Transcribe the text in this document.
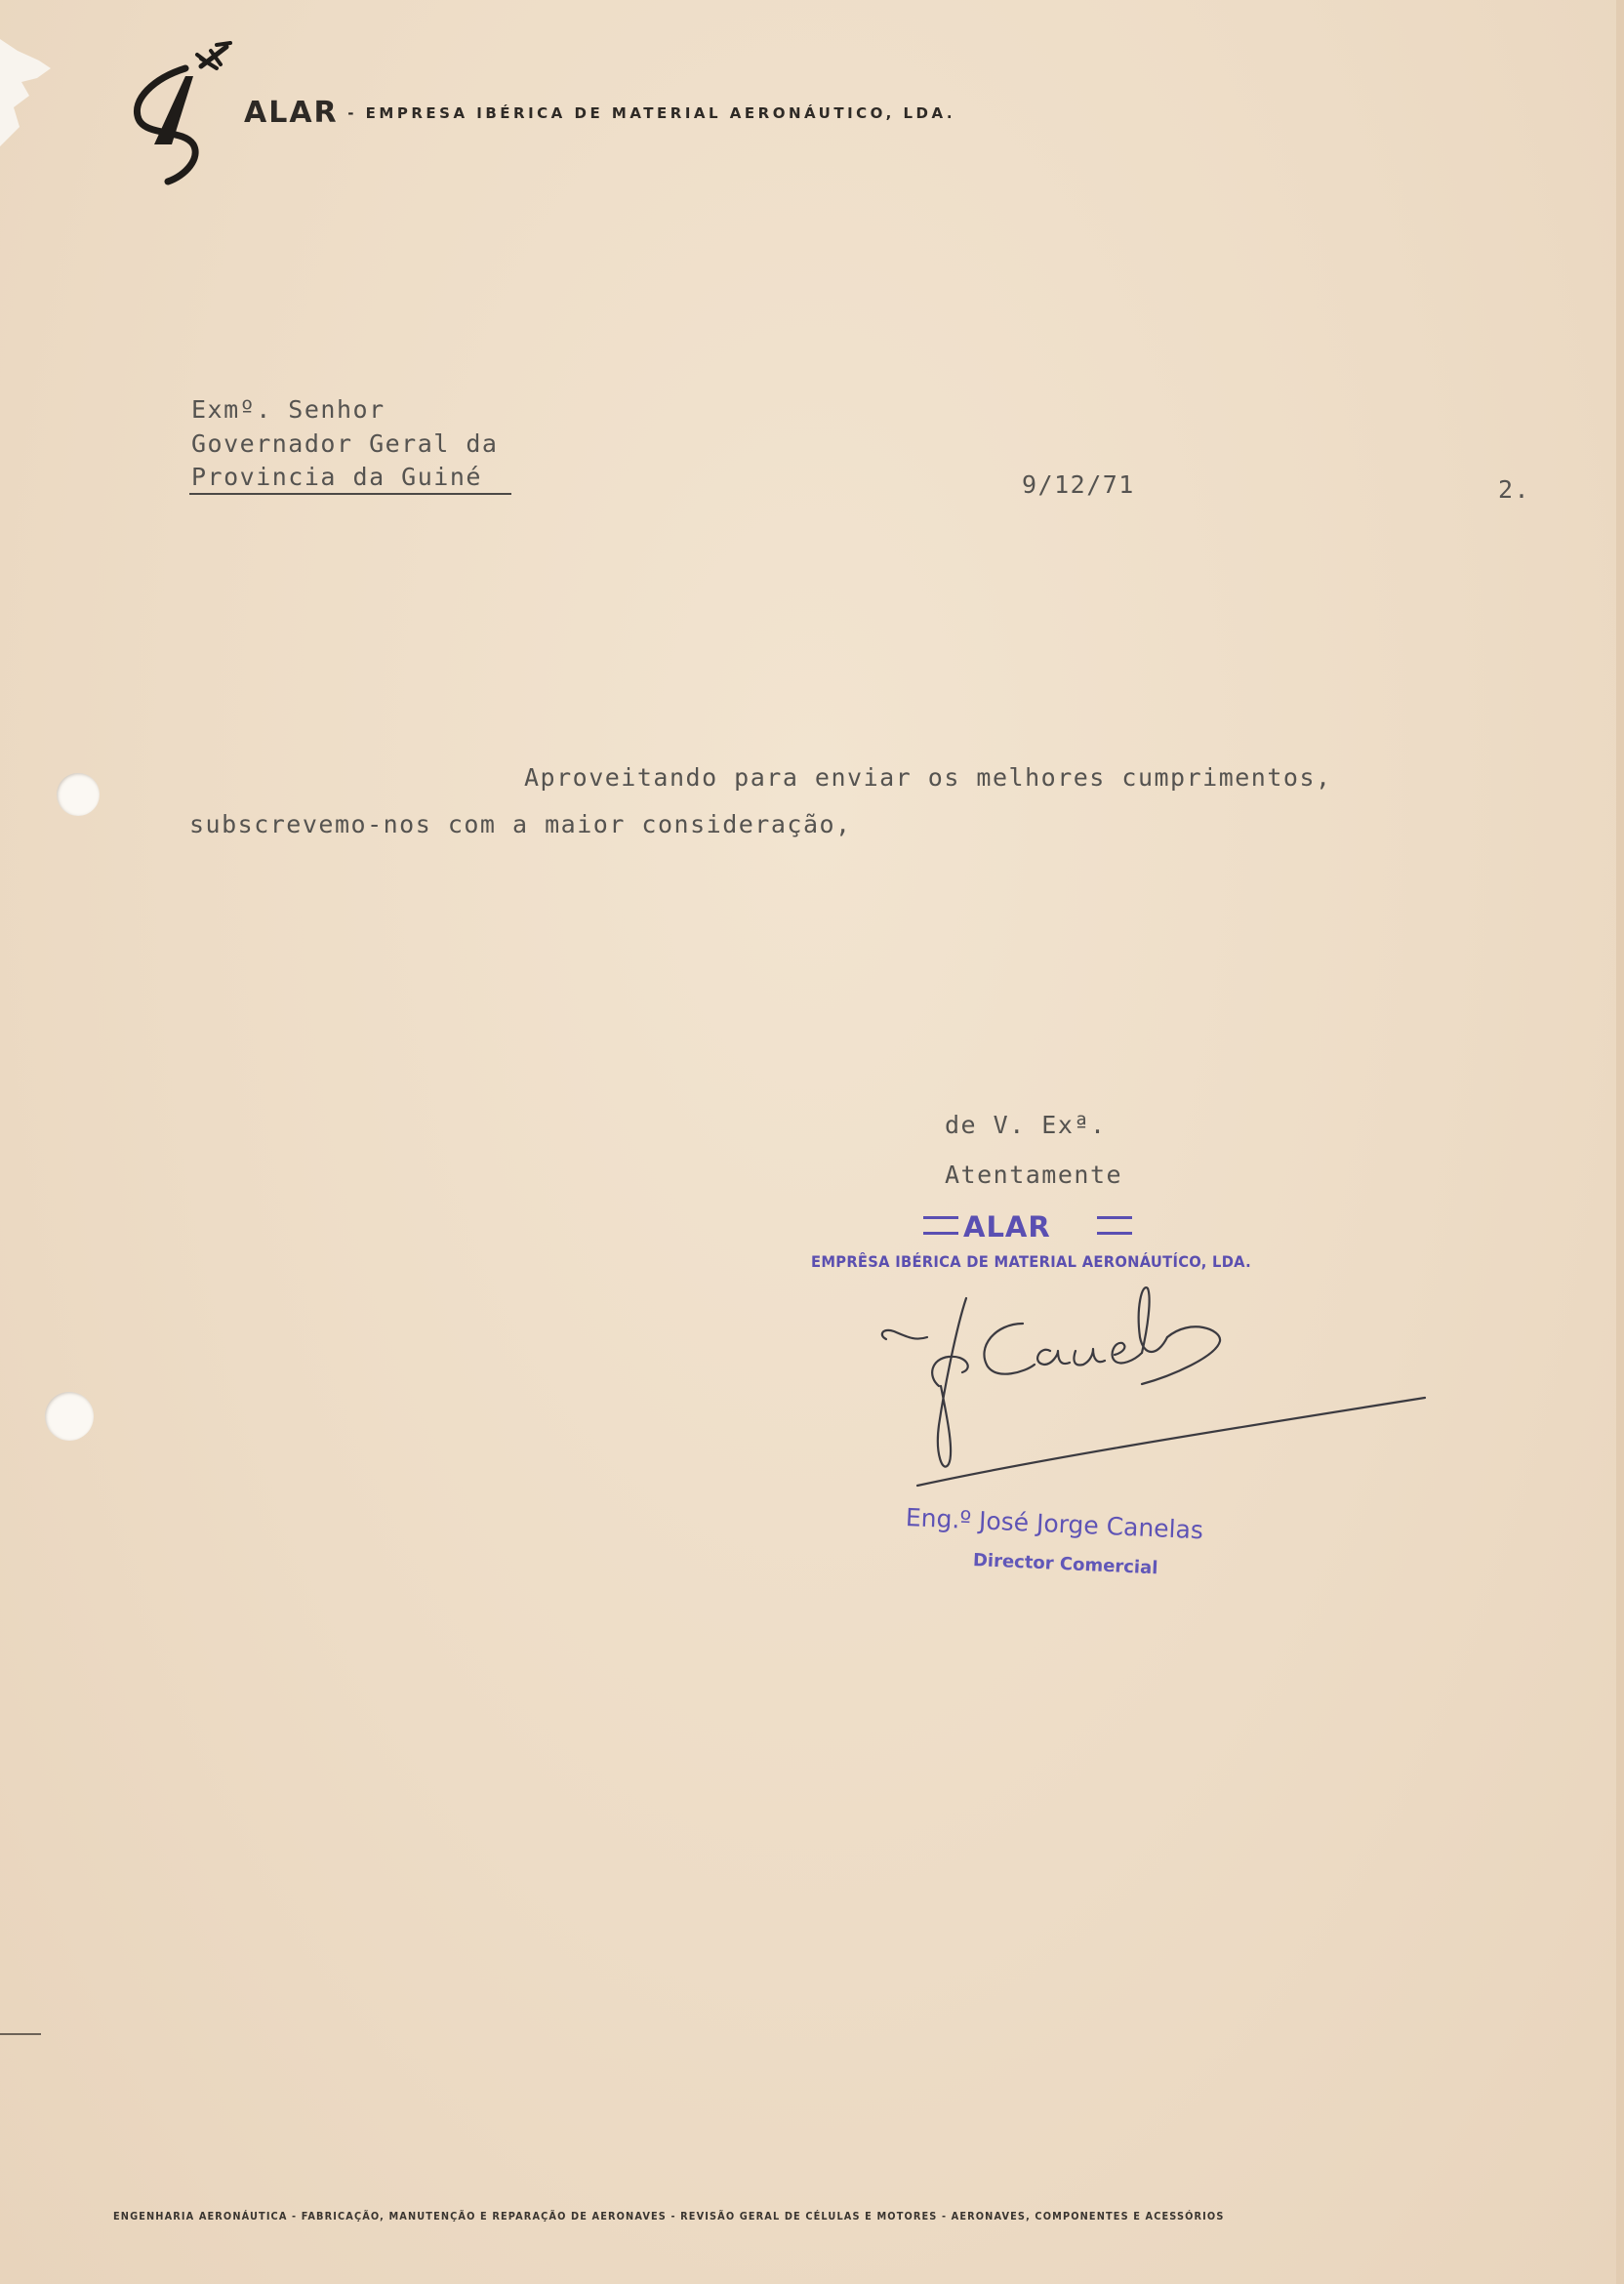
ALAR - EMPRESA IBÉRICA DE MATERIAL AERONÁUTICO, LDA.
Exmº. Senhor
Governador Geral da
Provincia da Guiné	9/12/71	2.
Aproveitando para enviar os melhores cumprimentos,
subscrevemo-nos com a maior consideração,
de V. Exª.
Atentamente
ALAR
EMPRÊSA IBÉRICA DE MATERIAL AERONÁUTÍCO, LDA.
Eng.º José Jorge Canelas
Director Comercial
ENGENHARIA AERONÁUTICA - FABRICAÇÃO, MANUTENÇÃO E REPARAÇÃO DE AERONAVES - REVISÃO GERAL DE CÉLULAS E MOTORES - AERONAVES, COMPONENTES E ACESSÓRIOS
